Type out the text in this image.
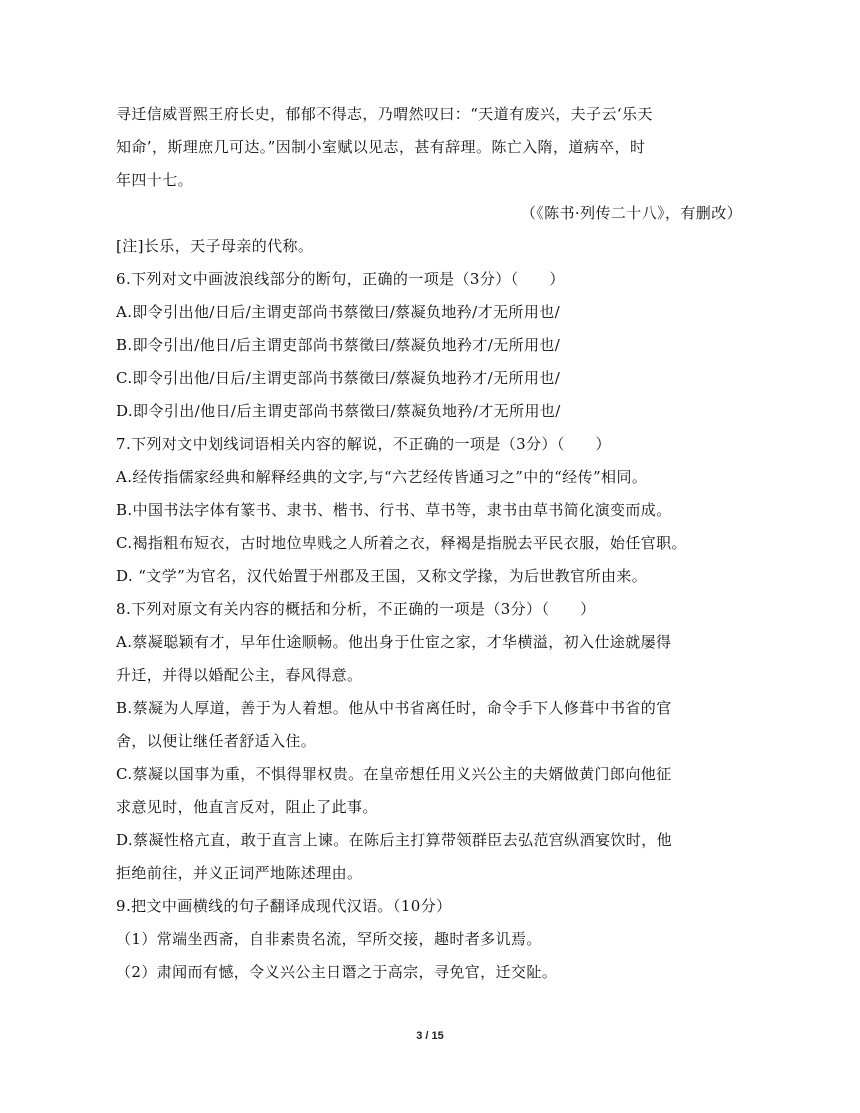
寻迁信威晋熙王府长史，郁郁不得志，乃喟然叹曰：“天道有废兴，夫子云‘乐天

知命’，斯理庶几可达。”因制小室赋以见志，甚有辞理。陈亡入隋，道病卒，时

年四十七。

（《陈书·列传二十八》，有删改）

[注]长乐，天子母亲的代称。

6.下列对文中画波浪线部分的断句，正确的一项是（3分）（　　）

A.即令引出他/日后/主谓吏部尚书蔡徵曰/蔡凝负地矜/才无所用也/

B.即令引出/他日/后主谓吏部尚书蔡徵曰/蔡凝负地矜才/无所用也/

C.即令引出他/日后/主谓吏部尚书蔡徵曰/蔡凝负地矜才/无所用也/

D.即令引出/他日/后主谓吏部尚书蔡徵曰/蔡凝负地矜/才无所用也/

7.下列对文中划线词语相关内容的解说，不正确的一项是（3分）（　　）

A.经传指儒家经典和解释经典的文字,与“六艺经传皆通习之”中的“经传”相同。

B.中国书法字体有篆书、隶书、楷书、行书、草书等，隶书由草书简化演变而成。

C.褐指粗布短衣，古时地位卑贱之人所着之衣，释褐是指脱去平民衣服，始任官职。

D. “文学”为官名，汉代始置于州郡及王国，又称文学掾，为后世教官所由来。

8.下列对原文有关内容的概括和分析，不正确的一项是（3分）（　　）

A.蔡凝聪颖有才，早年仕途顺畅。他出身于仕宦之家，才华横溢，初入仕途就屡得

升迁，并得以婚配公主，春风得意。

B.蔡凝为人厚道，善于为人着想。他从中书省离任时，命令手下人修葺中书省的官

舍，以便让继任者舒适入住。

C.蔡凝以国事为重，不惧得罪权贵。在皇帝想任用义兴公主的夫婿做黄门郎向他征

求意见时，他直言反对，阻止了此事。

D.蔡凝性格亢直，敢于直言上谏。在陈后主打算带领群臣去弘范宫纵酒宴饮时，他

拒绝前往，并义正词严地陈述理由。

9.把文中画横线的句子翻译成现代汉语。（10分）

（1）常端坐西斋，自非素贵名流，罕所交接，趣时者多讥焉。

（2）肃闻而有憾，令义兴公主日谮之于高宗，寻免官，迁交阯。

3 / 15
